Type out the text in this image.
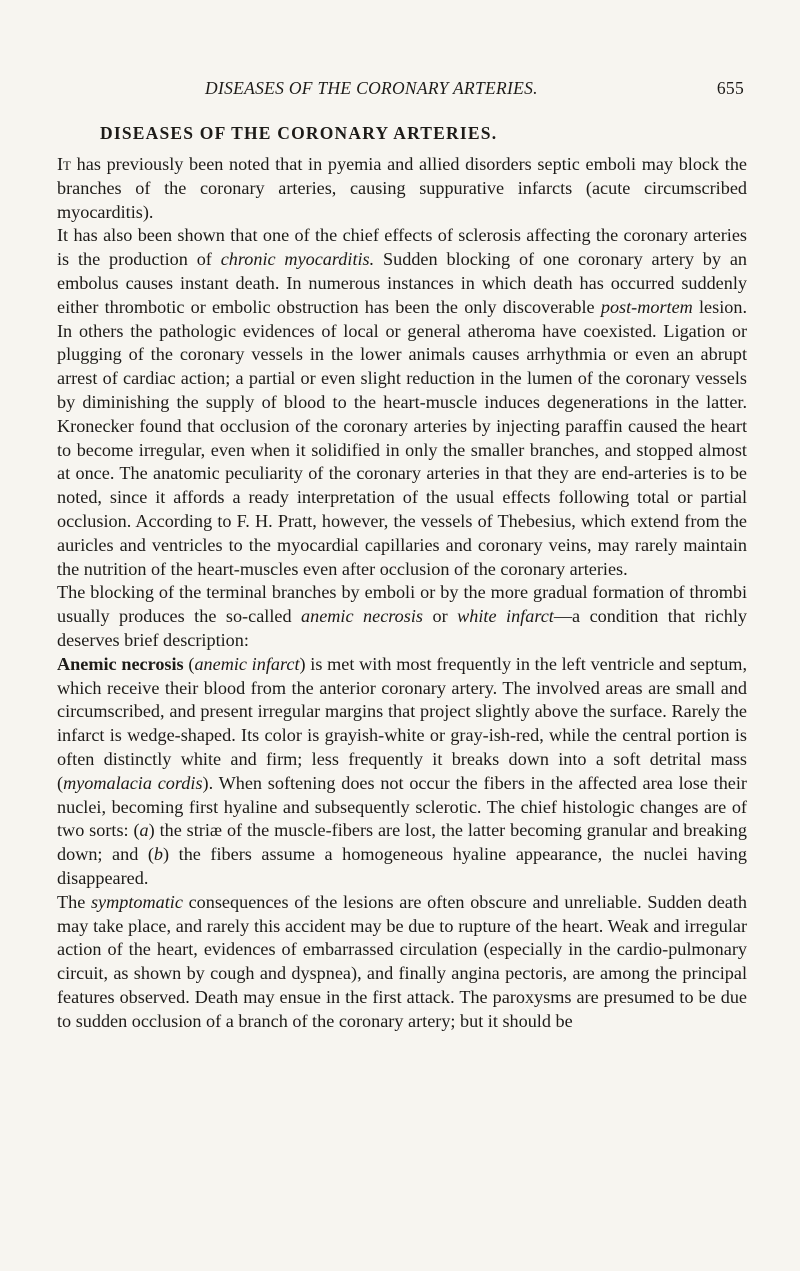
DISEASES OF THE CORONARY ARTERIES.	655
DISEASES OF THE CORONARY ARTERIES.

It has previously been noted that in pyemia and allied disorders septic emboli may block the branches of the coronary arteries, causing suppurative infarcts (acute circumscribed myocarditis).

It has also been shown that one of the chief effects of sclerosis affecting the coronary arteries is the production of chronic myocarditis. Sudden blocking of one coronary artery by an embolus causes instant death. In numerous instances in which death has occurred suddenly either thrombotic or embolic obstruction has been the only discoverable post-mortem lesion. In others the pathologic evidences of local or general atheroma have coexisted. Ligation or plugging of the coronary vessels in the lower animals causes arrhythmia or even an abrupt arrest of cardiac action; a partial or even slight reduction in the lumen of the coronary vessels by diminishing the supply of blood to the heart-muscle induces degenerations in the latter. Kronecker found that occlusion of the coronary arteries by injecting paraffin caused the heart to become irregular, even when it solidified in only the smaller branches, and stopped almost at once. The anatomic peculiarity of the coronary arteries in that they are end-arteries is to be noted, since it affords a ready interpretation of the usual effects following total or partial occlusion. According to F. H. Pratt, however, the vessels of Thebesius, which extend from the auricles and ventricles to the myocardial capillaries and coronary veins, may rarely maintain the nutrition of the heart-muscles even after occlusion of the coronary arteries.

The blocking of the terminal branches by emboli or by the more gradual formation of thrombi usually produces the so-called anemic necrosis or white infarct—a condition that richly deserves brief description:

Anemic necrosis (anemic infarct) is met with most frequently in the left ventricle and septum, which receive their blood from the anterior coronary artery. The involved areas are small and circumscribed, and present irregular margins that project slightly above the surface. Rarely the infarct is wedge-shaped. Its color is grayish-white or gray-ish-red, while the central portion is often distinctly white and firm; less frequently it breaks down into a soft detrital mass (myomalacia cordis). When softening does not occur the fibers in the affected area lose their nuclei, becoming first hyaline and subsequently sclerotic. The chief histologic changes are of two sorts: (a) the striæ of the muscle-fibers are lost, the latter becoming granular and breaking down; and (b) the fibers assume a homogeneous hyaline appearance, the nuclei having disappeared.

The symptomatic consequences of the lesions are often obscure and unreliable. Sudden death may take place, and rarely this accident may be due to rupture of the heart. Weak and irregular action of the heart, evidences of embarrassed circulation (especially in the cardio-pulmonary circuit, as shown by cough and dyspnea), and finally angina pectoris, are among the principal features observed. Death may ensue in the first attack. The paroxysms are presumed to be due to sudden occlusion of a branch of the coronary artery; but it should be
